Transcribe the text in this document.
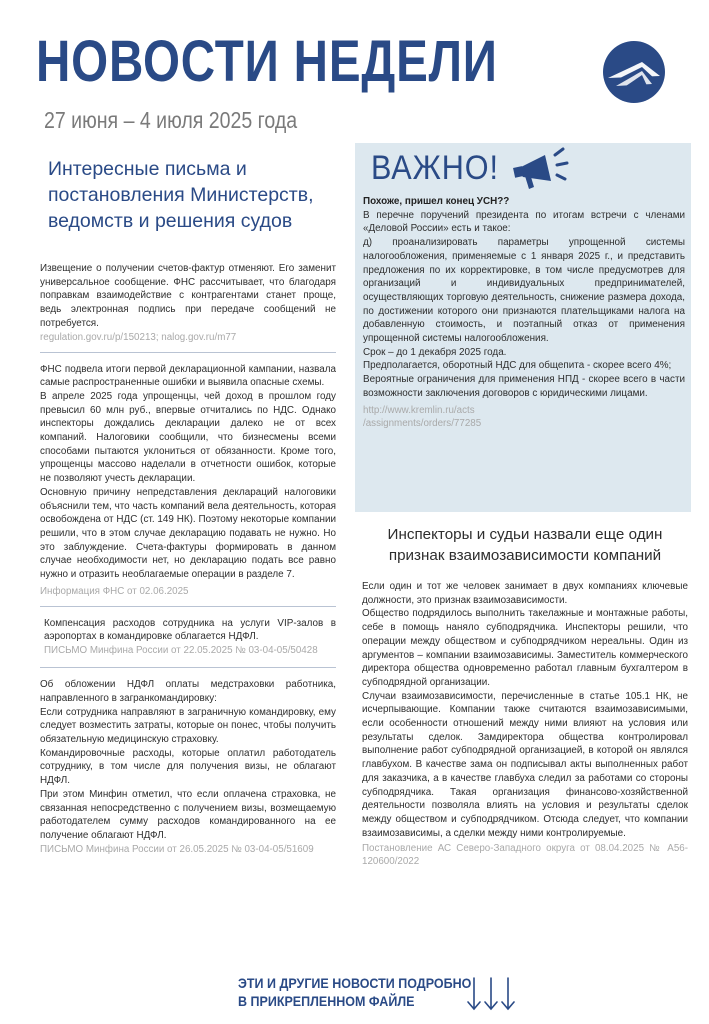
НОВОСТИ НЕДЕЛИ
27 июня – 4 июля 2025 года
Интересные письма и постановления Министерств, ведомств и решения судов

Извещение о получении счетов-фактур отменяют. Его заменит универсальное сообщение. ФНС рассчитывает, что благодаря поправкам взаимодействие с контрагентами станет проще, ведь электронная подпись при передаче сообщений не потребуется.

regulation.gov.ru/p/150213; nalog.gov.ru/m77

ФНС подвела итоги первой декларационной кампании, назвала самые распространенные ошибки и выявила опасные схемы.

В апреле 2025 года упрощенцы, чей доход в прошлом году превысил 60 млн руб., впервые отчитались по НДС. Однако инспекторы дождались декларации далеко не от всех компаний. Налоговики сообщили, что бизнесмены всеми способами пытаются уклониться от обязанности. Кроме того, упрощенцы массово наделали в отчетности ошибок, которые не позволяют учесть декларации.

Основную причину непредставления деклараций налоговики объяснили тем, что часть компаний вела деятельность, которая освобождена от НДС (ст. 149 НК). Поэтому некоторые компании решили, что в этом случае декларацию подавать не нужно. Но это заблуждение. Счета-фактуры формировать в данном случае необходимости нет, но декларацию подать все равно нужно и отразить необлагаемые операции в разделе 7.

Информация ФНС от 02.06.2025

Компенсация расходов сотрудника на услуги VIP-залов в аэропортах в командировке облагается НДФЛ.

ПИСЬМО Минфина России от 22.05.2025 № 03-04-05/50428

Об обложении НДФЛ оплаты медстраховки работника, направленного в загранкомандировку:

Если сотрудника направляют в заграничную командировку, ему следует возместить затраты, которые он понес, чтобы получить обязательную медицинскую страховку.

Командировочные расходы, которые оплатил работодатель сотруднику, в том числе для получения визы, не облагают НДФЛ.

При этом Минфин отметил, что если оплачена страховка, не связанная непосредственно с получением визы, возмещаемую работодателем сумму расходов командированного на ее получение облагают НДФЛ.

ПИСЬМО Минфина России от 26.05.2025 № 03-04-05/51609
ВАЖНО!
Похоже, пришел конец УСН??

В перечне поручений президента по итогам встречи с членами «Деловой России» есть и такое:

д) проанализировать параметры упрощенной системы налогообложения, применяемые с 1 января 2025 г., и представить предложения по их корректировке, в том числе предусмотрев для организаций и индивидуальных предпринимателей, осуществляющих торговую деятельность, снижение размера дохода, по достижении которого они признаются плательщиками налога на добавленную стоимость, и поэтапный отказ от применения упрощенной системы налогообложения.

Срок – до 1 декабря 2025 года.

Предполагается, оборотный НДС для общепита - скорее всего 4%;

Вероятные ограничения для применения НПД - скорее всего в части возможности заключения договоров с юридическими лицами.

http://www.kremlin.ru/acts
/assignments/orders/77285
Инспекторы и судьи назвали еще один признак взаимозависимости компаний

Если один и тот же человек занимает в двух компаниях ключевые должности, это признак взаимозависимости.

Общество подрядилось выполнить такелажные и монтажные работы, себе в помощь наняло субподрядчика. Инспекторы решили, что операции между обществом и субподрядчиком нереальны. Один из аргументов – компании взаимозависимы. Заместитель коммерческого директора общества одновременно работал главным бухгалтером в субподрядной организации.

Случаи взаимозависимости, перечисленные в статье 105.1 НК, не исчерпывающие. Компании также считаются взаимозависимыми, если особенности отношений между ними влияют на условия или результаты сделок. Замдиректора общества контролировал выполнение работ субподрядной организацией, в которой он являлся главбухом. В качестве зама он подписывал акты выполненных работ для заказчика, а в качестве главбуха следил за работами со стороны субподрядчика. Такая организация финансово-хозяйственной деятельности позволяла влиять на условия и результаты сделок между обществом и субподрядчиком. Отсюда следует, что компании взаимозависимы, а сделки между ними контролируемые.

Постановление АС Северо-Западного округа от 08.04.2025 № А56-120600/2022
ЭТИ И ДРУГИЕ НОВОСТИ ПОДРОБНО
В ПРИКРЕПЛЕННОМ ФАЙЛЕ
